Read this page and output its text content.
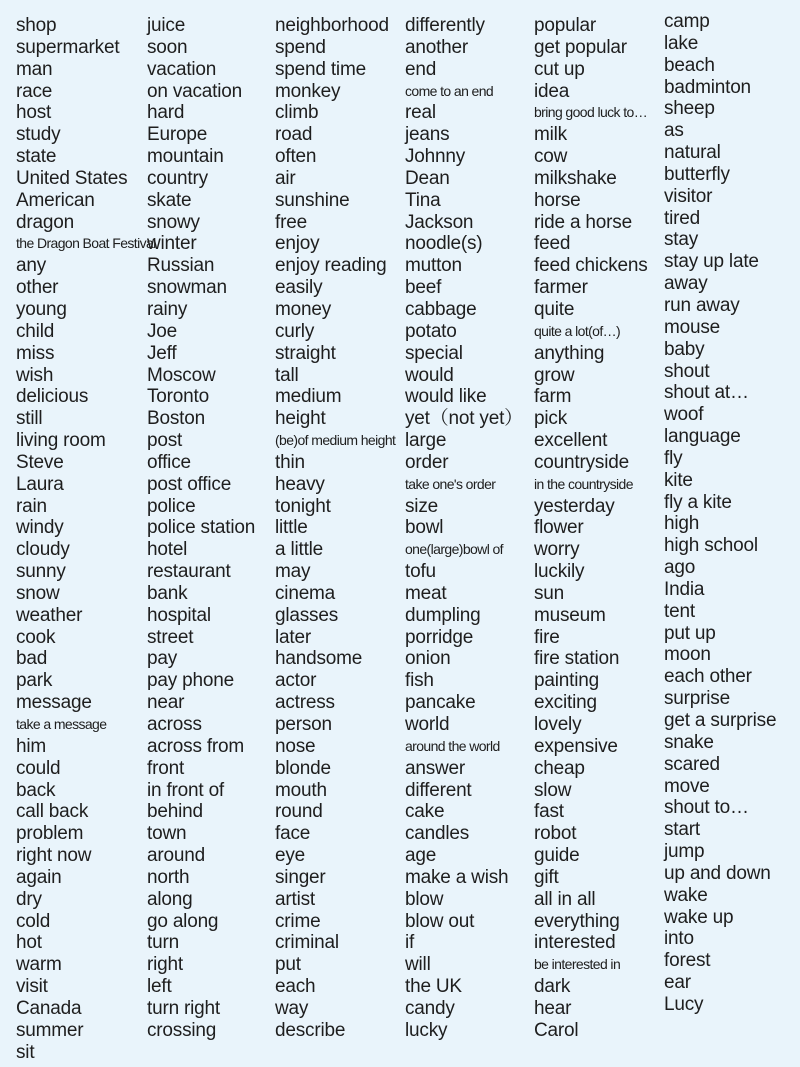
shop
supermarket
man
race
host
study
state
United States
American
dragon
the Dragon Boat Festival
any
other
young
child
miss
wish
delicious
still
living room
Steve
Laura
rain
windy
cloudy
sunny
snow
weather
cook
bad
park
message
take a message
him
could
back
call back
problem
right now
again
dry
cold
hot
warm
visit
Canada
summer
sit
juice
soon
vacation
on vacation
hard
Europe
mountain
country
skate
snowy
winter
Russian
snowman
rainy
Joe
Jeff
Moscow
Toronto
Boston
post
office
post office
police
police station
hotel
restaurant
bank
hospital
street
pay
pay phone
near
across
across from
front
in front of
behind
town
around
north
along
go along
turn
right
left
turn right
crossing
neighborhood
spend
spend time
monkey
climb
road
often
air
sunshine
free
enjoy
enjoy reading
easily
money
curly
straight
tall
medium
height
(be)of medium height
thin
heavy
tonight
little
a little
may
cinema
glasses
later
handsome
actor
actress
person
nose
blonde
mouth
round
face
eye
singer
artist
crime
criminal
put
each
way
describe
differently
another
end
come to an end
real
jeans
Johnny
Dean
Tina
Jackson
noodle(s)
mutton
beef
cabbage
potato
special
would
would like
yet（not yet）
large
order
take one's order
size
bowl
one(large)bowl of
tofu
meat
dumpling
porridge
onion
fish
pancake
world
around the world
answer
different
cake
candles
age
make a wish
blow
blow out
if
will
the UK
candy
lucky
popular
get popular
cut up
idea
bring good luck to…
milk
cow
milkshake
horse
ride a horse
feed
feed chickens
farmer
quite
quite a lot(of…)
anything
grow
farm
pick
excellent
countryside
in the countryside
yesterday
flower
worry
luckily
sun
museum
fire
fire station
painting
exciting
lovely
expensive
cheap
slow
fast
robot
guide
gift
all in all
everything
interested
be interested in
dark
hear
Carol
camp
lake
beach
badminton
sheep
as
natural
butterfly
visitor
tired
stay
stay up late
away
run away
mouse
baby
shout
shout at…
woof
language
fly
kite
fly a kite
high
high school
ago
India
tent
put up
moon
each other
surprise
get a surprise
snake
scared
move
shout to…
start
jump
up and down
wake
wake up
into
forest
ear
Lucy
